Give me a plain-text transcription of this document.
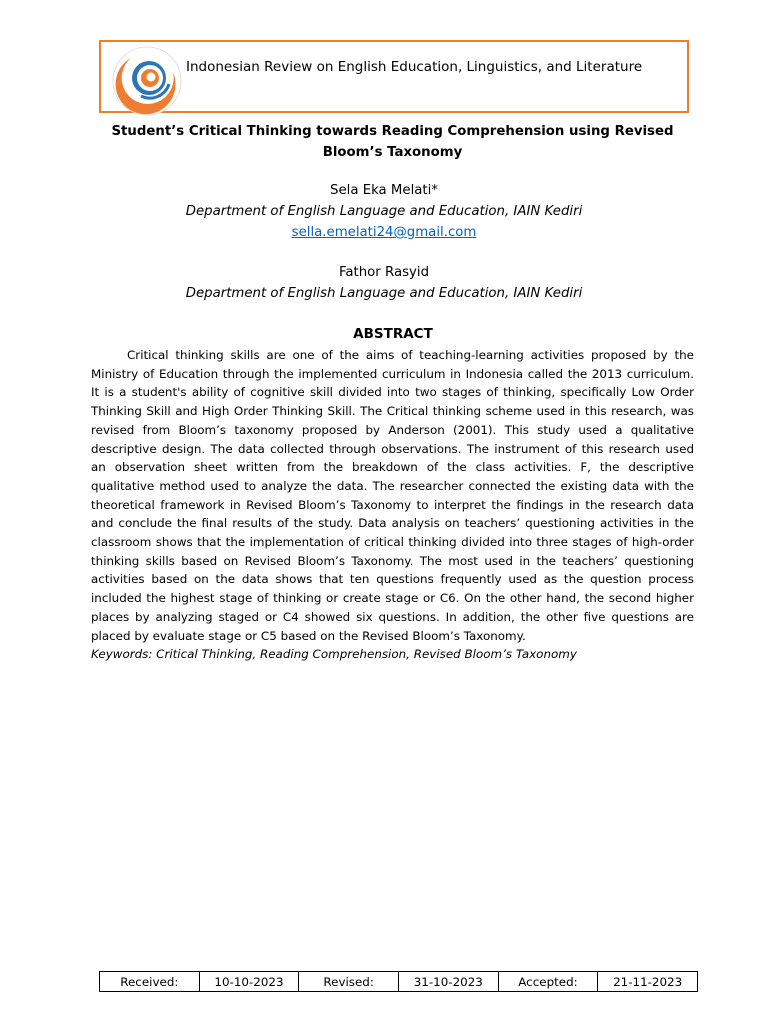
Indonesian Review on English Education, Linguistics, and Literature
Student’s Critical Thinking towards Reading Comprehension using Revised Bloom’s Taxonomy
Sela Eka Melati*
Department of English Language and Education, IAIN Kediri
sella.emelati24@gmail.com
Fathor Rasyid
Department of English Language and Education, IAIN Kediri
ABSTRACT

Critical thinking skills are one of the aims of teaching-learning activities proposed by the Ministry of Education through the implemented curriculum in Indonesia called the 2013 curriculum. It is a student's ability of cognitive skill divided into two stages of thinking, specifically Low Order Thinking Skill and High Order Thinking Skill. The Critical thinking scheme used in this research, was revised from Bloom’s taxonomy proposed by Anderson (2001). This study used a qualitative descriptive design. The data collected through observations. The instrument of this research used an observation sheet written from the breakdown of the class activities. F, the descriptive qualitative method used to analyze the data. The researcher connected the existing data with the theoretical framework in Revised Bloom’s Taxonomy to interpret the findings in the research data and conclude the final results of the study. Data analysis on teachers’ questioning activities in the classroom shows that the implementation of critical thinking divided into three stages of high-order thinking skills based on Revised Bloom’s Taxonomy. The most used in the teachers’ questioning activities based on the data shows that ten questions frequently used as the question process included the highest stage of thinking or create stage or C6. On the other hand, the second higher places by analyzing staged or C4 showed six questions. In addition, the other five questions are placed by evaluate stage or C5 based on the Revised Bloom’s Taxonomy.

Keywords: Critical Thinking, Reading Comprehension, Revised Bloom’s Taxonomy
Received:	10-10-2023	Revised:	31-10-2023	Accepted:	21-11-2023
